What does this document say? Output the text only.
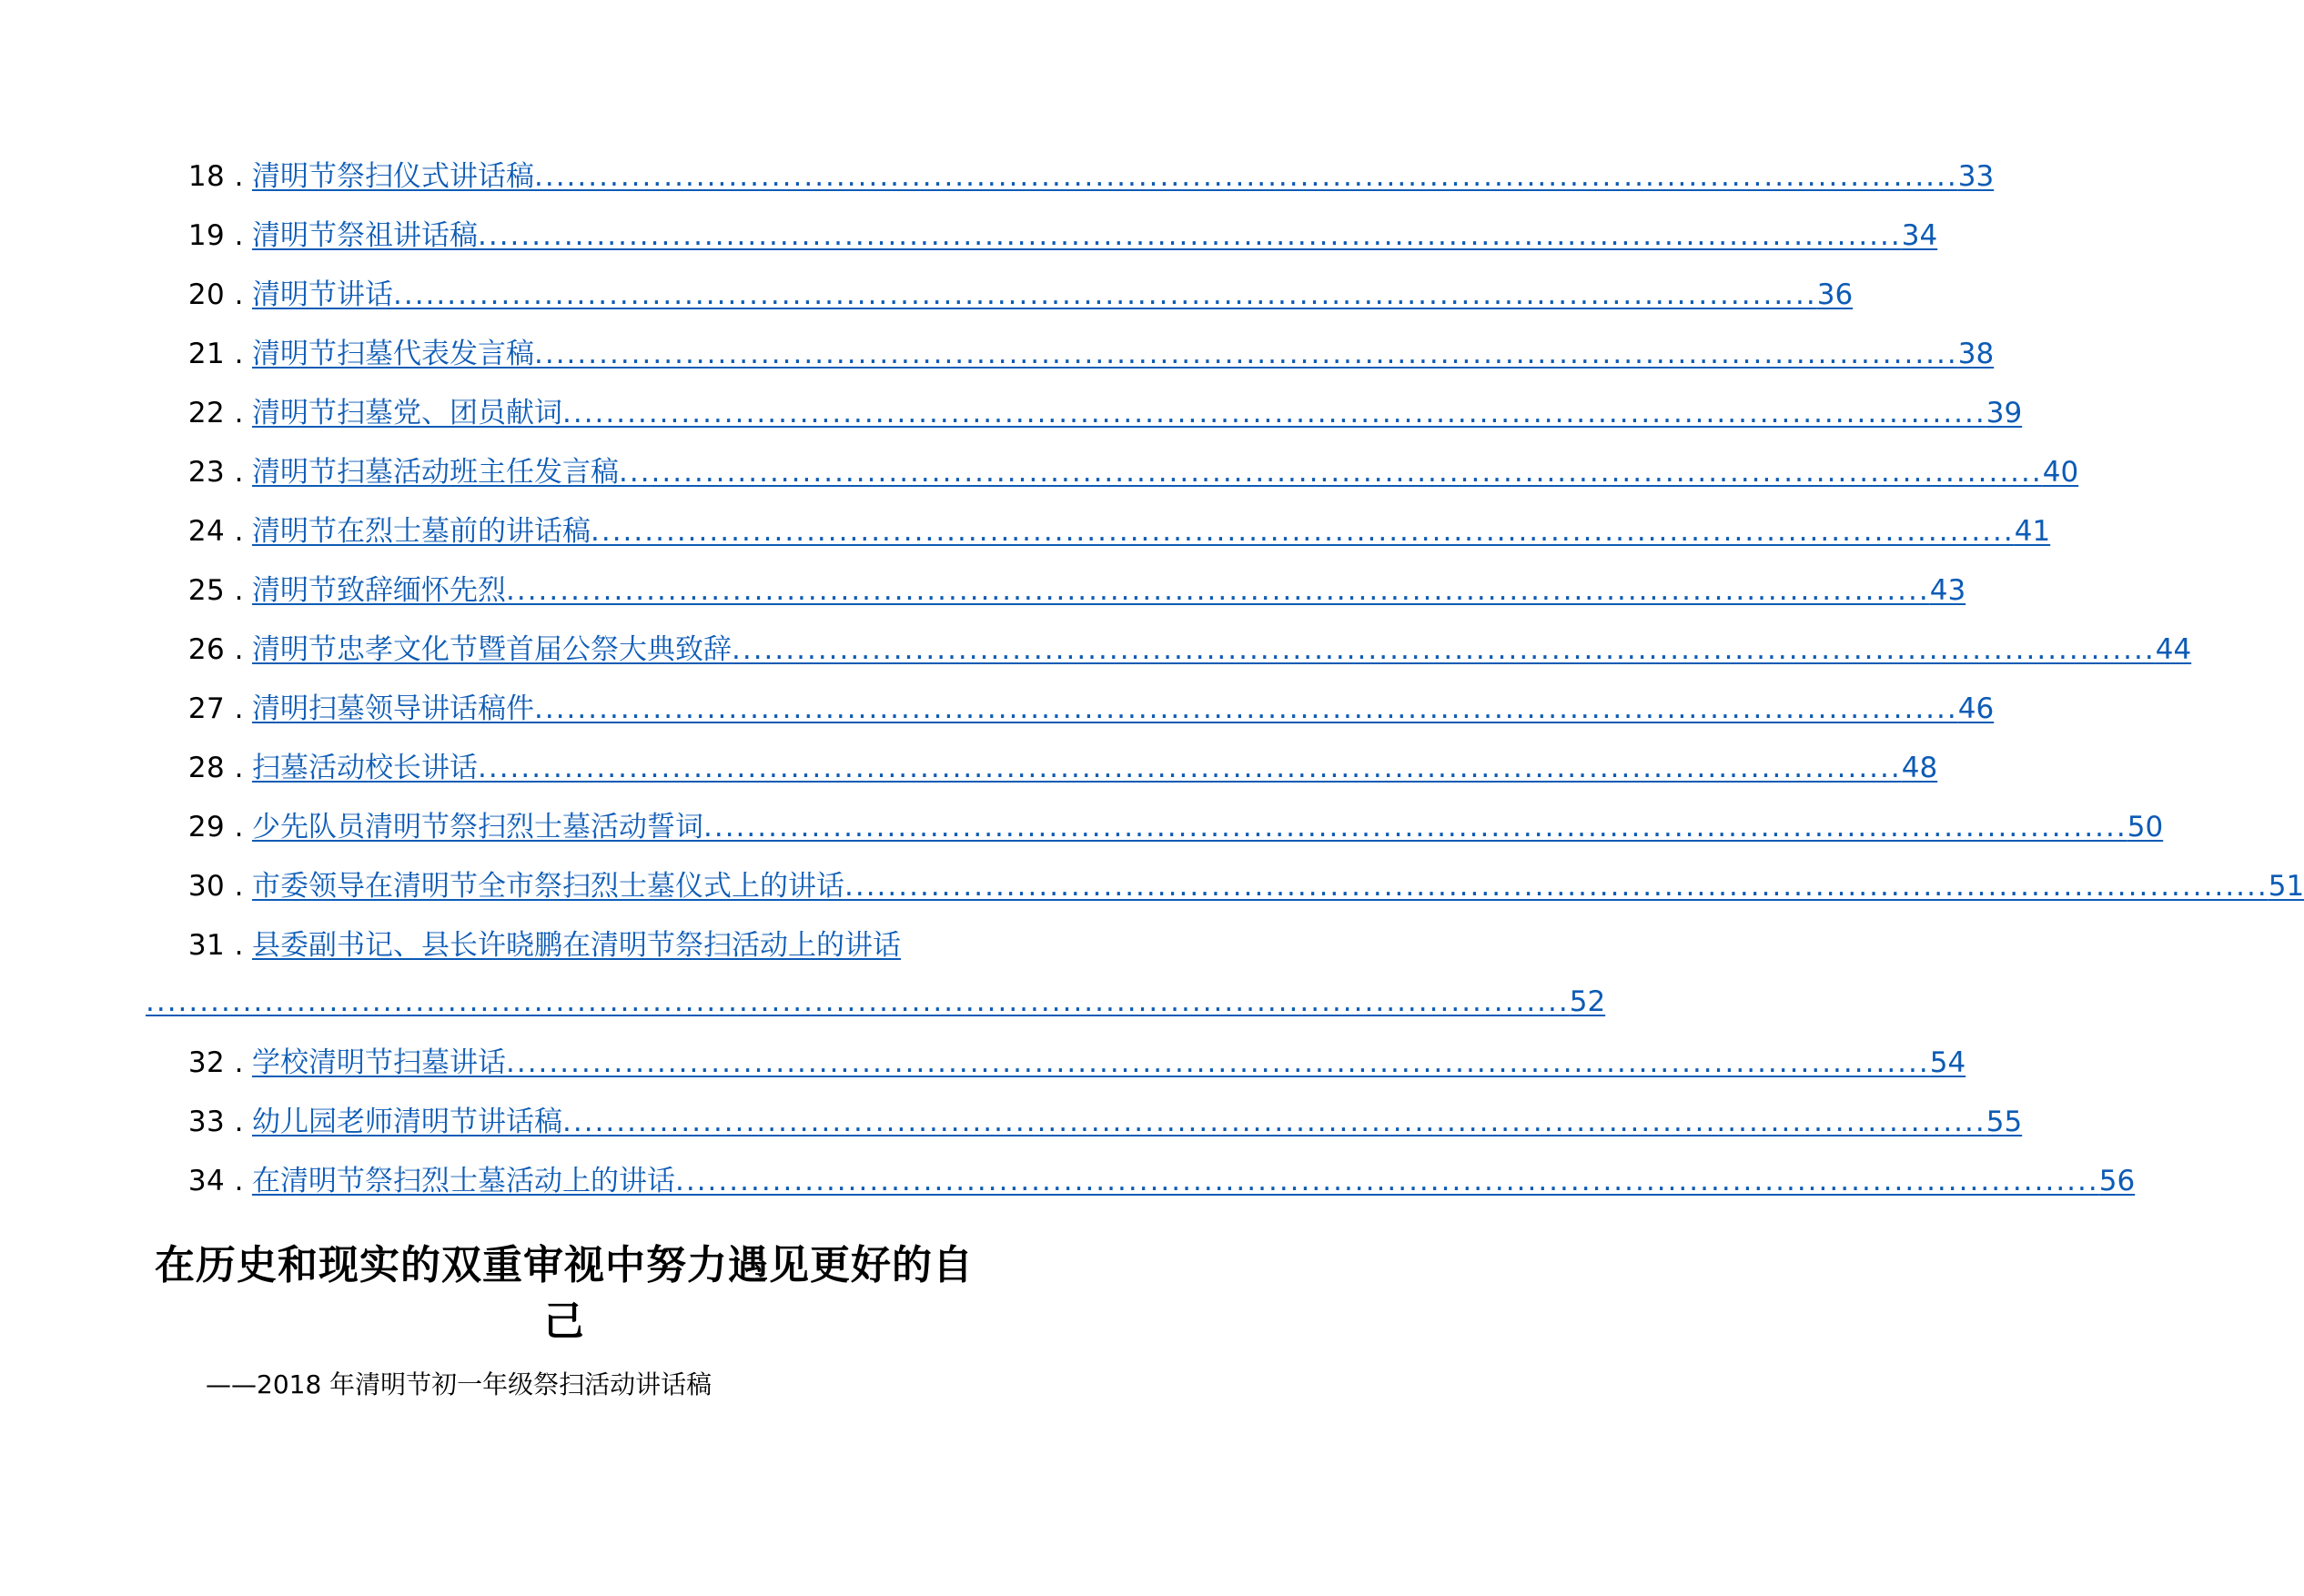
18 . 清明节祭扫仪式讲话稿 .................................................................................................................................... 33
19 . 清明节祭祖讲话稿 .................................................................................................................................... 34
20 . 清明节讲话 .................................................................................................................................... 36
21 . 清明节扫墓代表发言稿 .................................................................................................................................... 38
22 . 清明节扫墓党、团员献词 .................................................................................................................................... 39
23 . 清明节扫墓活动班主任发言稿 .................................................................................................................................... 40
24 . 清明节在烈士墓前的讲话稿 .................................................................................................................................... 41
25 . 清明节致辞缅怀先烈 .................................................................................................................................... 43
26 . 清明节忠孝文化节暨首届公祭大典致辞 .................................................................................................................................... 44
27 . 清明扫墓领导讲话稿件 .................................................................................................................................... 46
28 . 扫墓活动校长讲话 .................................................................................................................................... 48
29 . 少先队员清明节祭扫烈士墓活动誓词 .................................................................................................................................... 50
30 . 市委领导在清明节全市祭扫烈士墓仪式上的讲话 .................................................................................................................................... 51
31 . 县委副书记、县长许晓鹏在清明节祭扫活动上的讲话
.................................................................................................................................... 52
32 . 学校清明节扫墓讲话 .................................................................................................................................... 54
33 . 幼儿园老师清明节讲话稿 .................................................................................................................................... 55
34 . 在清明节祭扫烈士墓活动上的讲话 .................................................................................................................................... 56
在历史和现实的双重审视中努力遇见更好的自
己
——2018 年清明节初一年级祭扫活动讲话稿
